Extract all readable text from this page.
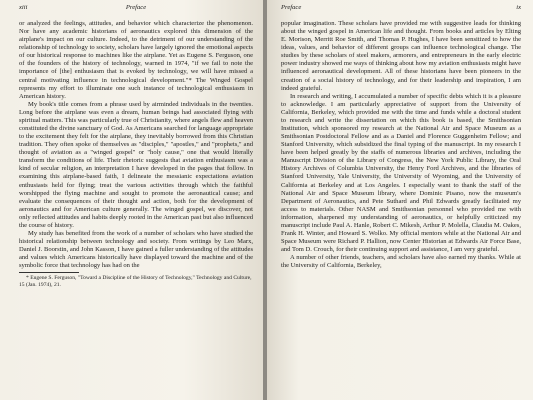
xiii	Preface

or analyzed the feelings, attitudes, and behavior which characterize the phenomenon. Nor have any academic historians of aeronautics explored this dimension of the airplane's impact on our culture. Indeed, to the detriment of our understanding of the relationship of technology to society, scholars have largely ignored the emotional aspects of our historical response to machines like the airplane. Yet as Eugene S. Ferguson, one of the founders of the history of technology, warned in 1974, "if we fail to note the importance of [the] enthusiasm that is evoked by technology, we will have missed a central motivating influence in technological development."* The Winged Gospel represents my effort to illuminate one such instance of technological enthusiasm in American history.

My book's title comes from a phrase used by airminded individuals in the twenties. Long before the airplane was even a dream, human beings had associated flying with spiritual matters. This was particularly true of Christianity, where angels flew and heaven constituted the divine sanctuary of God. As Americans searched for language appropriate to the excitement they felt for the airplane, they inevitably borrowed from this Christian tradition. They often spoke of themselves as "disciples," "apostles," and "prophets," and thought of aviation as a "winged gospel" or "holy cause," one that would literally transform the conditions of life. Their rhetoric suggests that aviation enthusiasm was a kind of secular religion, an interpretation I have developed in the pages that follow. In examining this airplane-based faith, I delineate the messianic expectations aviation enthusiasts held for flying; treat the various activities through which the faithful worshipped the flying machine and sought to promote the aeronautical cause; and evaluate the consequences of their thought and action, both for the development of aeronautics and for American culture generally. The winged gospel, we discover, not only reflected attitudes and habits deeply rooted in the American past but also influenced the course of history.

My study has benefited from the work of a number of scholars who have studied the historical relationship between technology and society. From writings by Leo Marx, Daniel J. Boorstin, and John Kasson, I have gained a fuller understanding of the attitudes and values which Americans historically have displayed toward the machine and of the symbolic force that technology has had on the

* Eugene S. Ferguson, "Toward a Discipline of the History of Technology," Technology and Culture, 15 (Jan. 1974), 21.
Preface	ix

popular imagination. These scholars have provided me with suggestive leads for thinking about the winged gospel in American life and thought. From books and articles by Elting E. Morison, Merritt Roe Smith, and Thomas P. Hughes, I have been sensitized to how the ideas, values, and behavior of different groups can influence technological change. The studies by these scholars of steel makers, armorers, and entrepreneurs in the early electric power industry showed me ways of thinking about how my aviation enthusiasts might have influenced aeronautical development. All of these historians have been pioneers in the creation of a social history of technology, and for their leadership and inspiration, I am indeed grateful.

In research and writing, I accumulated a number of specific debts which it is a pleasure to acknowledge. I am particularly appreciative of support from the University of California, Berkeley, which provided me with the time and funds while a doctoral student to research and write the dissertation on which this book is based, the Smithsonian Institution, which sponsored my research at the National Air and Space Museum as a Smithsonian Postdoctoral Fellow and as a Daniel and Florence Guggenheim Fellow; and Stanford University, which subsidized the final typing of the manuscript. In my research I have been helped greatly by the staffs of numerous libraries and archives, including the Manuscript Division of the Library of Congress, the New York Public Library, the Oral History Archives of Columbia University, the Henry Ford Archives, and the libraries of Stanford University, Yale University, the University of Wyoming, and the University of California at Berkeley and at Los Angeles. I especially want to thank the staff of the National Air and Space Museum library, where Dominic Pisano, now the museum's Department of Aeronautics, and Pete Suthard and Phil Edwards greatly facilitated my access to materials. Other NASM and Smithsonian personnel who provided me with information, sharpened my understanding of aeronautics, or helpfully criticized my manuscript include Paul A. Hanle, Robert C. Mikesh, Arthur P. Molella, Claudia M. Oakes, Frank H. Winter, and Howard S. Wolko. My official mentors while at the National Air and Space Museum were Richard P. Hallion, now Center Historian at Edwards Air Force Base, and Tom D. Crouch, for their continuing support and assistance, I am very grateful.

A number of other friends, teachers, and scholars have also earned my thanks. While at the University of California, Berkeley,
